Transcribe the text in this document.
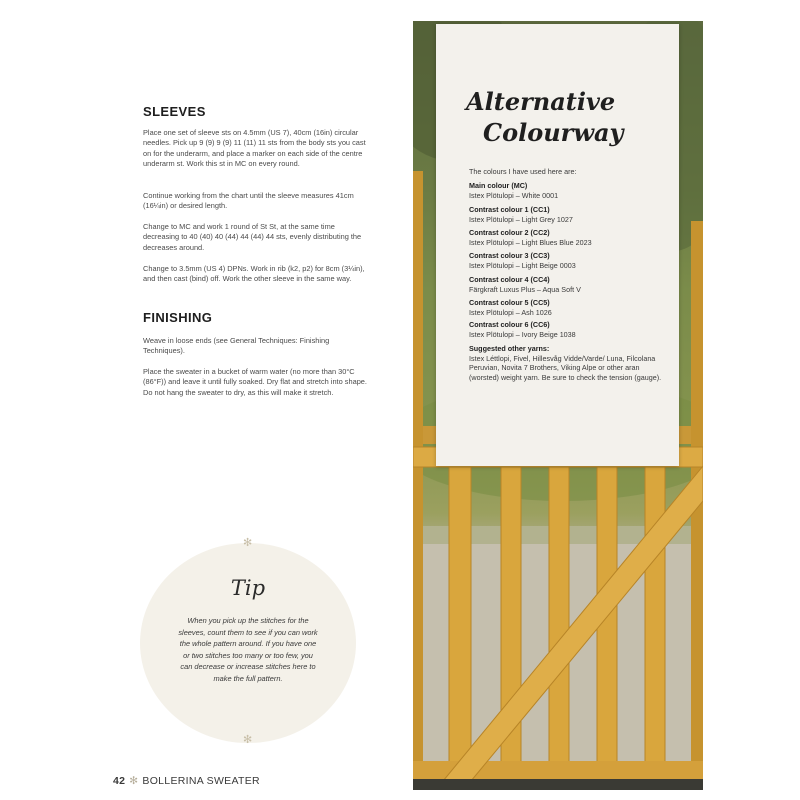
SLEEVES

Place one set of sleeve sts on 4.5mm (US 7), 40cm (16in) circular needles. Pick up 9 (9) 9 (9) 11 (11) 11 sts from the body sts you cast on for the underarm, and place a marker on each side of the centre underarm st. Work this st in MC on every round.

Continue working from the chart until the sleeve measures 41cm (16¼in) or desired length.

Change to MC and work 1 round of St St, at the same time decreasing to 40 (40) 40 (44) 44 (44) 44 sts, evenly distributing the decreases around.

Change to 3.5mm (US 4) DPNs. Work in rib (k2, p2) for 8cm (3¼in), and then cast (bind) off. Work the other sleeve in the same way.

FINISHING

Weave in loose ends (see General Techniques: Finishing Techniques).

Place the sweater in a bucket of warm water (no more than 30°C (86°F)) and leave it until fully soaked. Dry flat and stretch into shape. Do not hang the sweater to dry, as this will make it stretch.

✻
Tip
When you pick up the stitches for the sleeves, count them to see if you can work the whole pattern around. If you have one or two stitches too many or too few, you can decrease or increase stitches here to make the full pattern.
✻
42 ✻ BOLLERINA SWEATER
Alternative
Colourway
The colours I have used here are:
Main colour (MC)
Istex Plötulopi – White 0001
Contrast colour 1 (CC1)
Istex Plötulopi – Light Grey 1027
Contrast colour 2 (CC2)
Istex Plötulopi – Light Blues Blue 2023
Contrast colour 3 (CC3)
Istex Plötulopi – Light Beige 0003
Contrast colour 4 (CC4)
Färgkraft Luxus Plus – Aqua Soft V
Contrast colour 5 (CC5)
Istex Plötulopi – Ash 1026
Contrast colour 6 (CC6)
Istex Plötulopi – Ivory Beige 1038
Suggested other yarns:
Istex Léttlopi, Fivel, Hillesvåg Vidde/Varde/ Luna, Filcolana Peruvian, Novita 7 Brothers, Viking Alpe or other aran (worsted) weight yarn. Be sure to check the tension (gauge).
